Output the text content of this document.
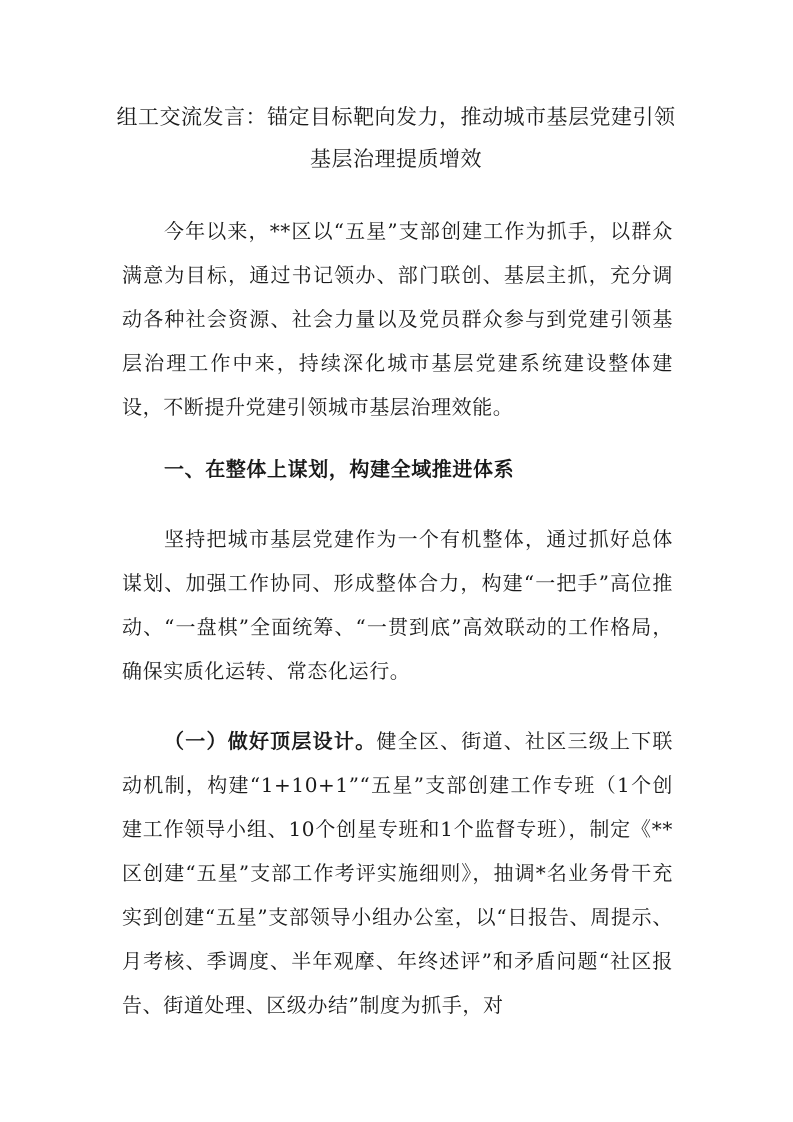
组工交流发言：锚定目标靶向发力，推动城市基层党建引领
基层治理提质增效

今年以来，**区以“五星”支部创建工作为抓手，以群众满意为目标，通过书记领办、部门联创、基层主抓，充分调动各种社会资源、社会力量以及党员群众参与到党建引领基层治理工作中来，持续深化城市基层党建系统建设整体建设，不断提升党建引领城市基层治理效能。

一、在整体上谋划，构建全域推进体系

坚持把城市基层党建作为一个有机整体，通过抓好总体谋划、加强工作协同、形成整体合力，构建“一把手”高位推动、“一盘棋”全面统筹、“一贯到底”高效联动的工作格局，确保实质化运转、常态化运行。

（一）做好顶层设计。健全区、街道、社区三级上下联动机制，构建“1+10+1”“五星”支部创建工作专班（1个创建工作领导小组、10个创星专班和1个监督专班），制定《**区创建“五星”支部工作考评实施细则》，抽调*名业务骨干充实到创建“五星”支部领导小组办公室，以“日报告、周提示、月考核、季调度、半年观摩、年终述评”和矛盾问题“社区报告、街道处理、区级办结”制度为抓手，对
